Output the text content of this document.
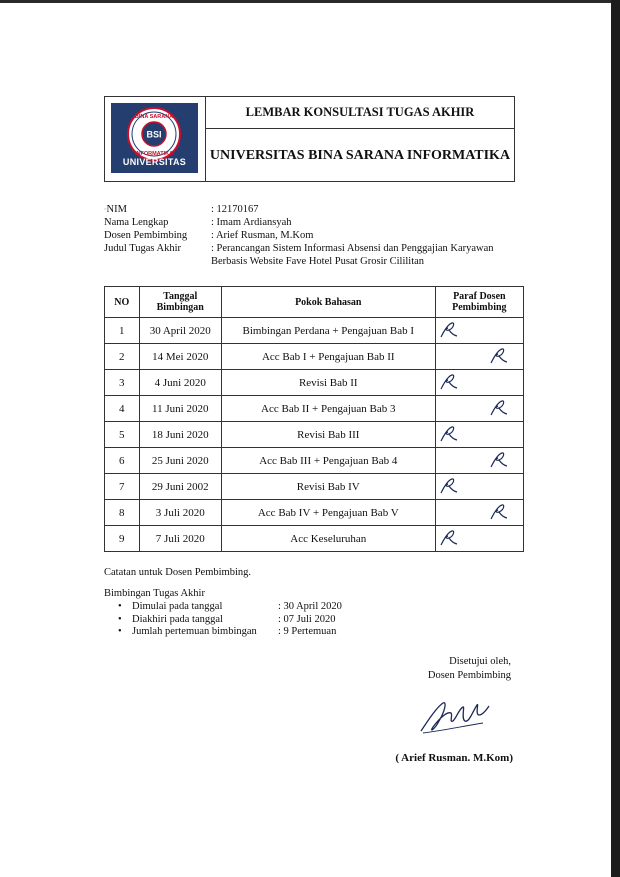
BSI
BINA SARANA
INFORMATIKA
UNIVERSITAS
LEMBAR KONSULTASI TUGAS AKHIR
UNIVERSITAS BINA SARANA INFORMATIKA
◦NIM	: 12170167
Nama Lengkap	: Imam Ardiansyah
Dosen Pembimbing	: Arief Rusman, M.Kom
Judul Tugas Akhir	: Perancangan Sistem Informasi Absensi dan Penggajian Karyawan Berbasis Website Fave Hotel Pusat Grosir Cililitan
NO	Tanggal Bimbingan	Pokok Bahasan	Paraf Dosen Pembimbing
1	30 April 2020	Bimbingan Perdana + Pengajuan Bab I	

2	14 Mei 2020	Acc Bab I + Pengajuan Bab II	

3	4 Juni 2020	Revisi Bab II	

4	11 Juni 2020	Acc Bab II + Pengajuan Bab 3	

5	18 Juni 2020	Revisi Bab III	

6	25 Juni 2020	Acc Bab III + Pengajuan Bab 4	

7	29 Juni 2002	Revisi Bab IV	

8	3 Juli 2020	Acc Bab IV + Pengajuan Bab V	

9	7 Juli 2020	Acc Keseluruhan	
Catatan untuk Dosen Pembimbing.
Bimbingan Tugas Akhir
• Dimulai pada tanggal	: 30 April 2020
• Diakhiri pada tanggal	: 07 Juli 2020
• Jumlah pertemuan bimbingan	: 9 Pertemuan
Disetujui oleh,
Dosen Pembimbing
( Arief Rusman. M.Kom)
